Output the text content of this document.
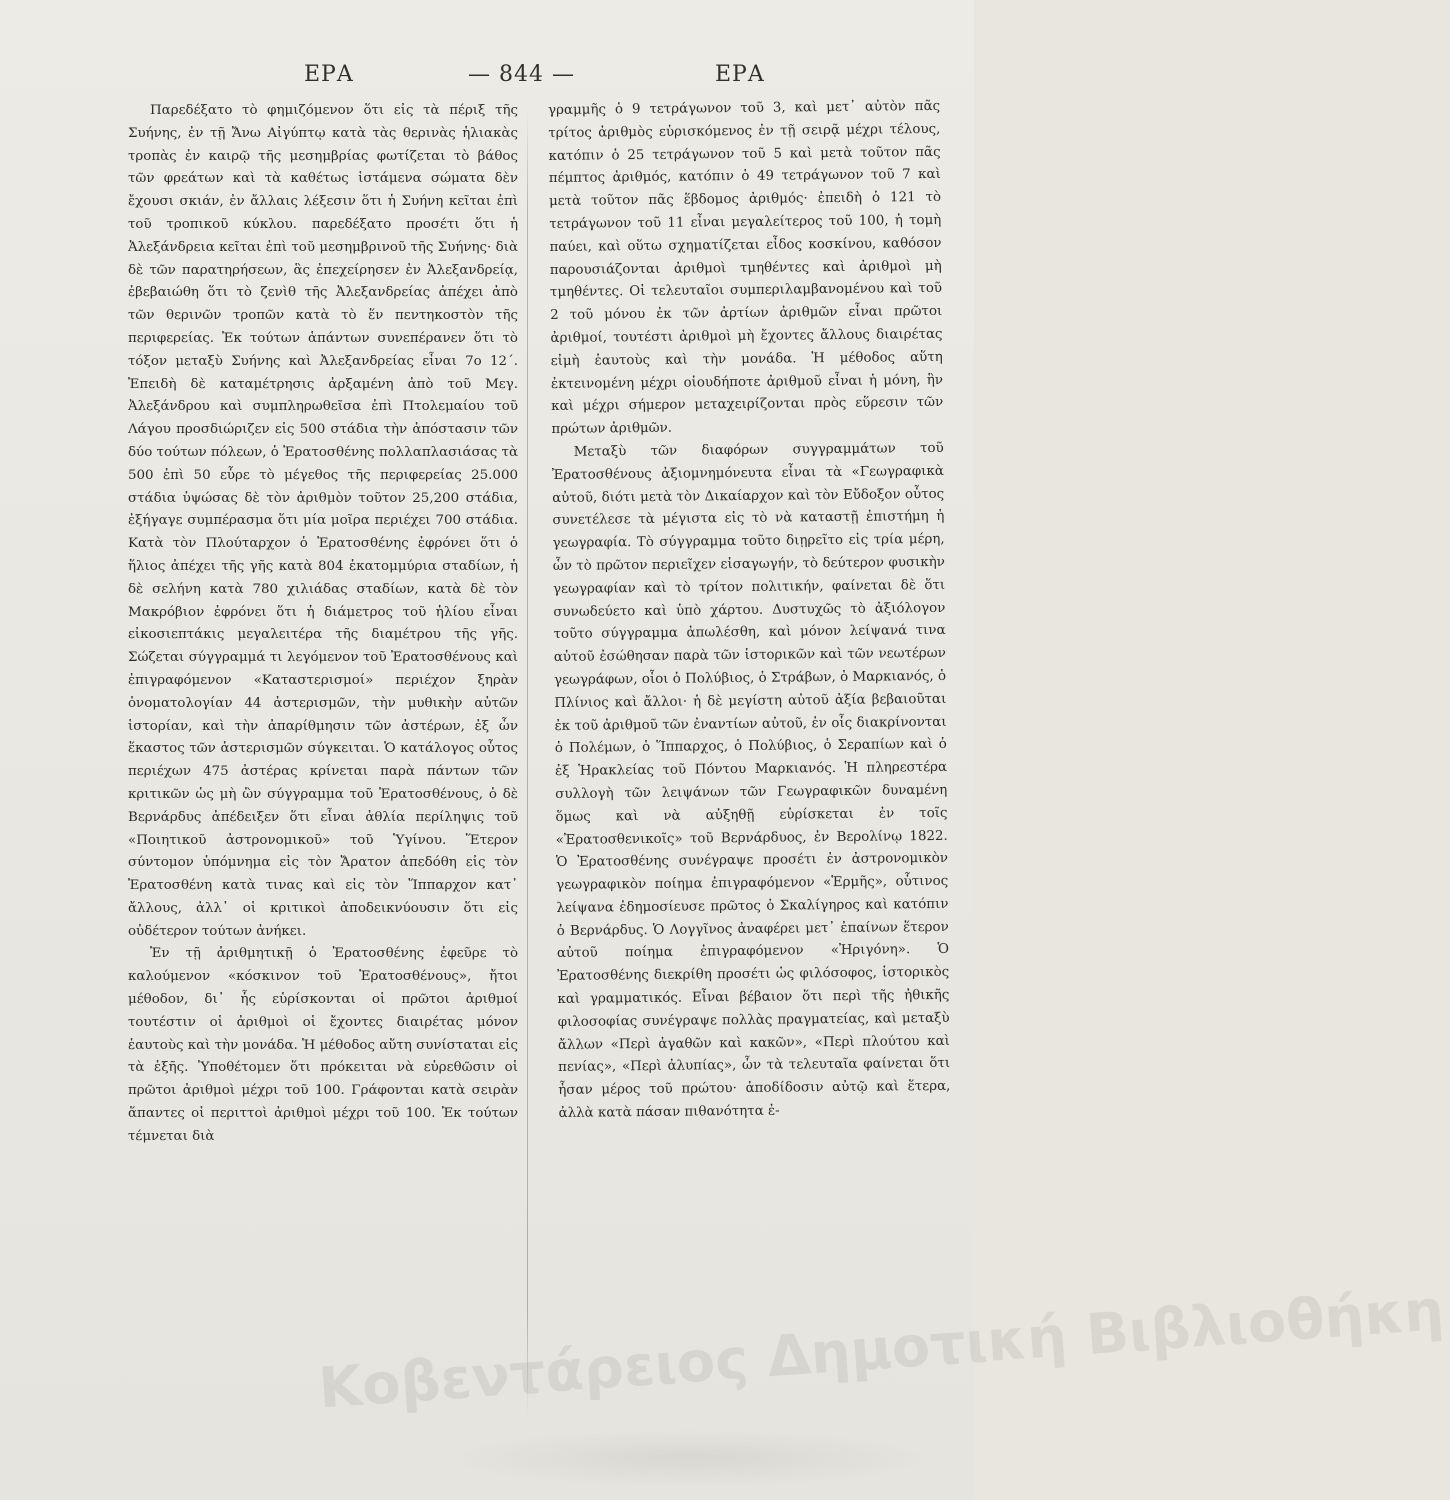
ΕΡΑ	— 844 —	ΕΡΑ

Παρεδέξατο τὸ φημιζόμενον ὅτι εἰς τὰ πέριξ τῆς Συήνης, ἐν τῇ Ἄνω Αἰγύπτῳ κατὰ τὰς θερινὰς ἡλιακὰς τροπὰς ἐν καιρῷ τῆς μεσημβρίας φωτίζεται τὸ βάθος τῶν φρεάτων καὶ τὰ καθέτως ἱστάμενα σώματα δὲν ἔχουσι σκιάν, ἐν ἄλλαις λέξεσιν ὅτι ἡ Συήνη κεῖται ἐπὶ τοῦ τροπικοῦ κύκλου. παρεδέξατο προσέτι ὅτι ἡ Ἀλεξάνδρεια κεῖται ἐπὶ τοῦ μεσημβρινοῦ τῆς Συήνης· διὰ δὲ τῶν παρατηρήσεων, ἃς ἐπεχείρησεν ἐν Ἀλεξανδρείᾳ, ἐβεβαιώθη ὅτι τὸ ζενὶθ τῆς Ἀλεξανδρείας ἀπέχει ἀπὸ τῶν θερινῶν τροπῶν κατὰ τὸ ἕν πεντηκοστὸν τῆς περιφερείας. Ἐκ τούτων ἁπάντων συνεπέρανεν ὅτι τὸ τόξον μεταξὺ Συήνης καὶ Ἀλεξανδρείας εἶναι 7ο 12΄. Ἐπειδὴ δὲ καταμέτρησις ἀρξαμένη ἀπὸ τοῦ Μεγ. Ἀλεξάνδρου καὶ συμπληρωθεῖσα ἐπὶ Πτολεμαίου τοῦ Λάγου προσδιώριζεν εἰς 500 στάδια τὴν ἀπόστασιν τῶν δύο τούτων πόλεων, ὁ Ἐρατοσθένης πολλαπλασιάσας τὰ 500 ἐπὶ 50 εὗρε τὸ μέγεθος τῆς περιφερείας 25.000 στάδια ὑψώσας δὲ τὸν ἀριθμὸν τοῦτον 25,200 στάδια, ἐξήγαγε συμπέρασμα ὅτι μία μοῖρα περιέχει 700 στάδια. Κατὰ τὸν Πλούταρχον ὁ Ἐρατοσθένης ἐφρόνει ὅτι ὁ ἥλιος ἀπέχει τῆς γῆς κατὰ 804 ἑκατομμύρια σταδίων, ἡ δὲ σελήνη κατὰ 780 χιλιάδας σταδίων, κατὰ δὲ τὸν Μακρόβιον ἐφρόνει ὅτι ἡ διάμετρος τοῦ ἡλίου εἶναι εἰκοσιεπτάκις μεγαλειτέρα τῆς διαμέτρου τῆς γῆς. Σώζεται σύγγραμμά τι λεγόμενον τοῦ Ἐρατοσθένους καὶ ἐπιγραφόμενον «Καταστερισμοί» περιέχον ξηρὰν ὀνοματολογίαν 44 ἀστερισμῶν, τὴν μυθικὴν αὐτῶν ἱστορίαν, καὶ τὴν ἀπαρίθμησιν τῶν ἀστέρων, ἐξ ὧν ἕκαστος τῶν ἀστερισμῶν σύγκειται. Ὁ κατάλογος οὗτος περιέχων 475 ἀστέρας κρίνεται παρὰ πάντων τῶν κριτικῶν ὡς μὴ ὢν σύγγραμμα τοῦ Ἐρατοσθένους, ὁ δὲ Βερνάρδυς ἀπέδειξεν ὅτι εἶναι ἀθλία περίληψις τοῦ «Ποιητικοῦ ἀστρονομικοῦ» τοῦ Ὑγίνου. Ἕτερον σύντομον ὑπόμνημα εἰς τὸν Ἄρατον ἀπεδόθη εἰς τὸν Ἐρατοσθένη κατὰ τινας καὶ εἰς τὸν Ἵππαρχον κατ᾽ ἄλλους, ἀλλ᾽ οἱ κριτικοὶ ἀποδεικνύουσιν ὅτι εἰς οὐδέτερον τούτων ἀνήκει.

Ἐν τῇ ἀριθμητικῇ ὁ Ἐρατοσθένης ἐφεῦρε τὸ καλούμενον «κόσκινον τοῦ Ἐρατοσθένους», ἤτοι μέθοδον, δι᾽ ἧς εὑρίσκονται οἱ πρῶτοι ἀριθμοί τουτέστιν οἱ ἀριθμοὶ οἱ ἔχοντες διαιρέτας μόνον ἑαυτοὺς καὶ τὴν μονάδα. Ἡ μέθοδος αὕτη συνίσταται εἰς τὰ ἑξῆς. Ὑποθέτομεν ὅτι πρόκειται νὰ εὑρεθῶσιν οἱ πρῶτοι ἀριθμοὶ μέχρι τοῦ 100. Γράφονται κατὰ σειρὰν ἅπαντες οἱ περιττοὶ ἀριθμοὶ μέχρι τοῦ 100. Ἐκ τούτων τέμνεται διὰ

γραμμῆς ὁ 9 τετράγωνον τοῦ 3, καὶ μετ᾽ αὐτὸν πᾶς τρίτος ἀριθμὸς εὑρισκόμενος ἐν τῇ σειρᾷ μέχρι τέλους, κατόπιν ὁ 25 τετράγωνον τοῦ 5 καὶ μετὰ τοῦτον πᾶς πέμπτος ἀριθμός, κατόπιν ὁ 49 τετράγωνον τοῦ 7 καὶ μετὰ τοῦτον πᾶς ἕβδομος ἀριθμός· ἐπειδὴ ὁ 121 τὸ τετράγωνον τοῦ 11 εἶναι μεγαλείτερος τοῦ 100, ἡ τομὴ παύει, καὶ οὕτω σχηματίζεται εἶδος κοσκίνου, καθόσον παρουσιάζονται ἀριθμοὶ τμηθέντες καὶ ἀριθμοὶ μὴ τμηθέντες. Οἱ τελευταῖοι συμπεριλαμβανομένου καὶ τοῦ 2 τοῦ μόνου ἐκ τῶν ἀρτίων ἀριθμῶν εἶναι πρῶτοι ἀριθμοί, τουτέστι ἀριθμοὶ μὴ ἔχοντες ἄλλους διαιρέτας εἰμὴ ἑαυτοὺς καὶ τὴν μονάδα. Ἡ μέθοδος αὕτη ἐκτεινομένη μέχρι οἱουδήποτε ἀριθμοῦ εἶναι ἡ μόνη, ἣν καὶ μέχρι σήμερον μεταχειρίζονται πρὸς εὕρεσιν τῶν πρώτων ἀριθμῶν.

Μεταξὺ τῶν διαφόρων συγγραμμάτων τοῦ Ἐρατοσθένους ἀξιομνημόνευτα εἶναι τὰ «Γεωγραφικὰ αὐτοῦ, διότι μετὰ τὸν Δικαίαρχον καὶ τὸν Εὔδοξον οὗτος συνετέλεσε τὰ μέγιστα εἰς τὸ νὰ καταστῇ ἐπιστήμη ἡ γεωγραφία. Τὸ σύγγραμμα τοῦτο διῃρεῖτο εἰς τρία μέρη, ὧν τὸ πρῶτον περιεῖχεν εἰσαγωγήν, τὸ δεύτερον φυσικὴν γεωγραφίαν καὶ τὸ τρίτον πολιτικήν, φαίνεται δὲ ὅτι συνωδεύετο καὶ ὑπὸ χάρτου. Δυστυχῶς τὸ ἀξιόλογον τοῦτο σύγγραμμα ἀπωλέσθη, καὶ μόνον λείψανά τινα αὐτοῦ ἐσώθησαν παρὰ τῶν ἱστορικῶν καὶ τῶν νεωτέρων γεωγράφων, οἷοι ὁ Πολύβιος, ὁ Στράβων, ὁ Μαρκιανός, ὁ Πλίνιος καὶ ἄλλοι· ἡ δὲ μεγίστη αὐτοῦ ἀξία βεβαιοῦται ἐκ τοῦ ἀριθμοῦ τῶν ἐναντίων αὐτοῦ, ἐν οἷς διακρίνονται ὁ Πολέμων, ὁ Ἵππαρχος, ὁ Πολύβιος, ὁ Σεραπίων καὶ ὁ ἐξ Ἡρακλείας τοῦ Πόντου Μαρκιανός. Ἡ πληρεστέρα συλλογὴ τῶν λειψάνων τῶν Γεωγραφικῶν δυναμένη ὅμως καὶ νὰ αὐξηθῇ εὑρίσκεται ἐν τοῖς «Ἐρατοσθενικοῖς» τοῦ Βερνάρδυος, ἐν Βερολίνῳ 1822. Ὁ Ἐρατοσθένης συνέγραψε προσέτι ἐν ἀστρονομικὸν γεωγραφικὸν ποίημα ἐπιγραφόμενον «Ἑρμῆς», οὗτινος λείψανα ἐδημοσίευσε πρῶτος ὁ Σκαλίγηρος καὶ κατόπιν ὁ Βερνάρδυς. Ὁ Λογγῖνος ἀναφέρει μετ᾽ ἐπαίνων ἕτερον αὐτοῦ ποίημα ἐπιγραφόμενον «Ἠριγόνη». Ὁ Ἐρατοσθένης διεκρίθη προσέτι ὡς φιλόσοφος, ἱστορικὸς καὶ γραμματικός. Εἶναι βέβαιον ὅτι περὶ τῆς ἠθικῆς φιλοσοφίας συνέγραψε πολλὰς πραγματείας, καὶ μεταξὺ ἄλλων «Περὶ ἀγαθῶν καὶ κακῶν», «Περὶ πλούτου καὶ πενίας», «Περὶ ἀλυπίας», ὧν τὰ τελευταῖα φαίνεται ὅτι ἦσαν μέρος τοῦ πρώτου· ἀποδίδοσιν αὐτῷ καὶ ἕτερα, ἀλλὰ κατὰ πάσαν πιθανότητα ἐ-

Κοβεντάρειος Δημοτική Βιβλιοθήκη
